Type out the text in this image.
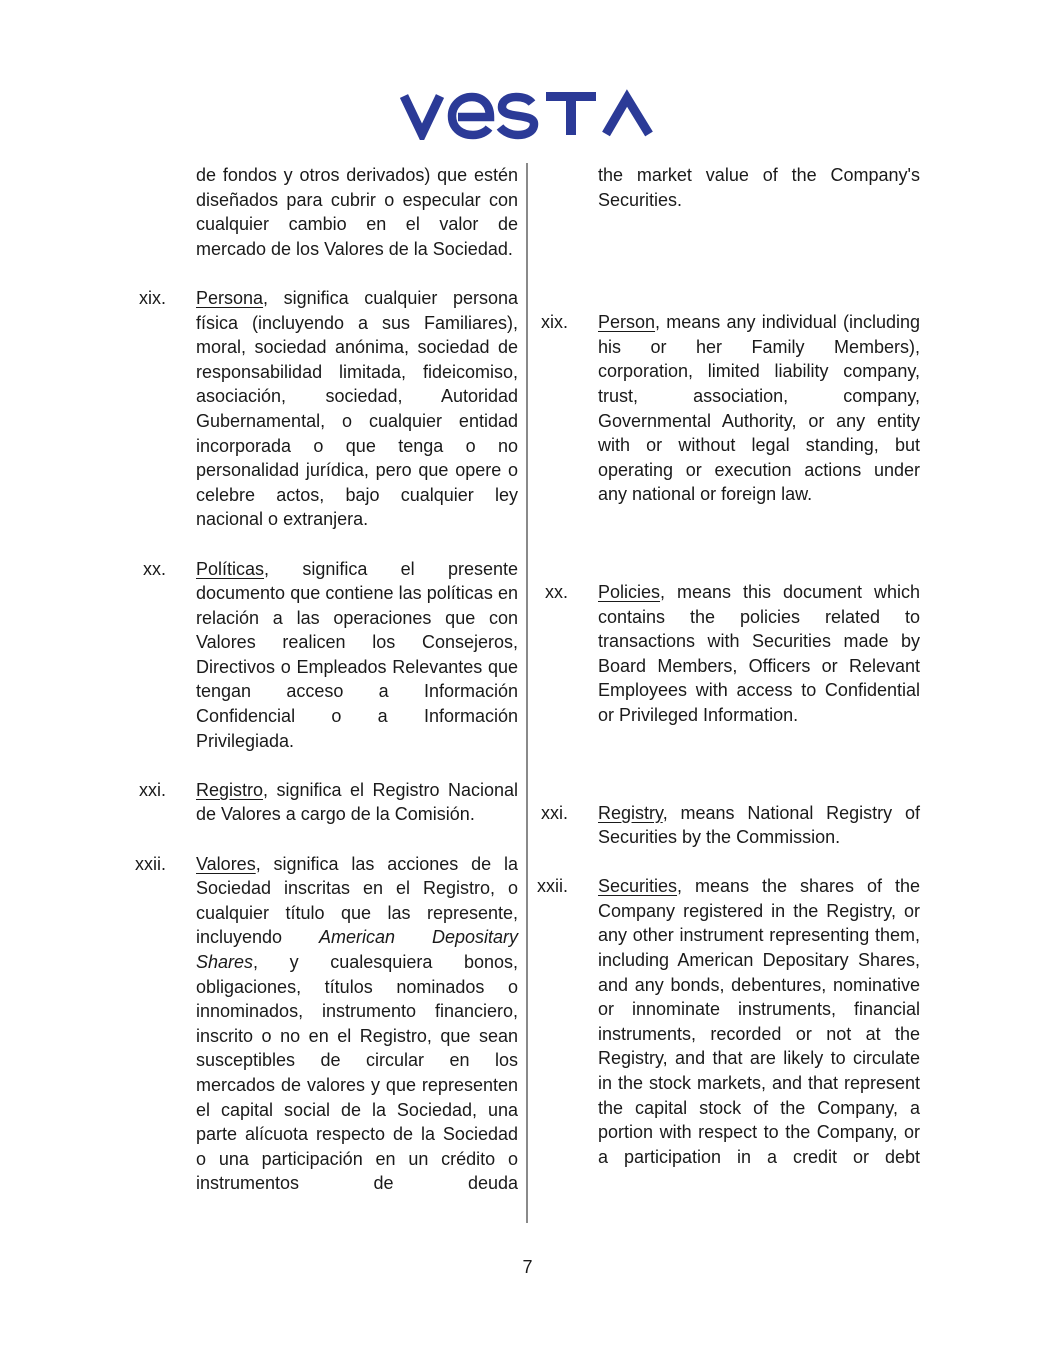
de fondos y otros derivados) que estén diseñados para cubrir o especular con cualquier cambio en el valor de mercado de los Valores de la Sociedad.
xix. Persona, significa cualquier persona física (incluyendo a sus Familiares), moral, sociedad anónima, sociedad de responsabilidad limitada, fideicomiso, asociación, sociedad, Autoridad Gubernamental, o cualquier entidad incorporada o que tenga o no personalidad jurídica, pero que opere o celebre actos, bajo cualquier ley nacional o extranjera.
xx. Políticas, significa el presente documento que contiene las políticas en relación a las operaciones que con Valores realicen los Consejeros, Directivos o Empleados Relevantes que tengan acceso a Información Confidencial o a Información Privilegiada.
xxi. Registro, significa el Registro Nacional de Valores a cargo de la Comisión.
xxii. Valores, significa las acciones de la Sociedad inscritas en el Registro, o cualquier título que las represente, incluyendo American Depositary Shares, y cualesquiera bonos, obligaciones, títulos nominados o innominados, instrumento financiero, inscrito o no en el Registro, que sean susceptibles de circular en los mercados de valores y que representen el capital social de la Sociedad, una parte alícuota respecto de la Sociedad o una participación en un crédito o instrumentos de deuda
the market value of the Company's Securities.
xix. Person, means any individual (including his or her Family Members), corporation, limited liability company, trust, association, company, Governmental Authority, or any entity with or without legal standing, but operating or execution actions under any national or foreign law.
xx. Policies, means this document which contains the policies related to transactions with Securities made by Board Members, Officers or Relevant Employees with access to Confidential or Privileged Information.
xxi. Registry, means National Registry of Securities by the Commission.
xxii. Securities, means the shares of the Company registered in the Registry, or any other instrument representing them, including American Depositary Shares, and any bonds, debentures, nominative or innominate instruments, financial instruments, recorded or not at the Registry, and that are likely to circulate in the stock markets, and that represent the capital stock of the Company, a portion with respect to the Company, or a participation in a credit or debt
7
